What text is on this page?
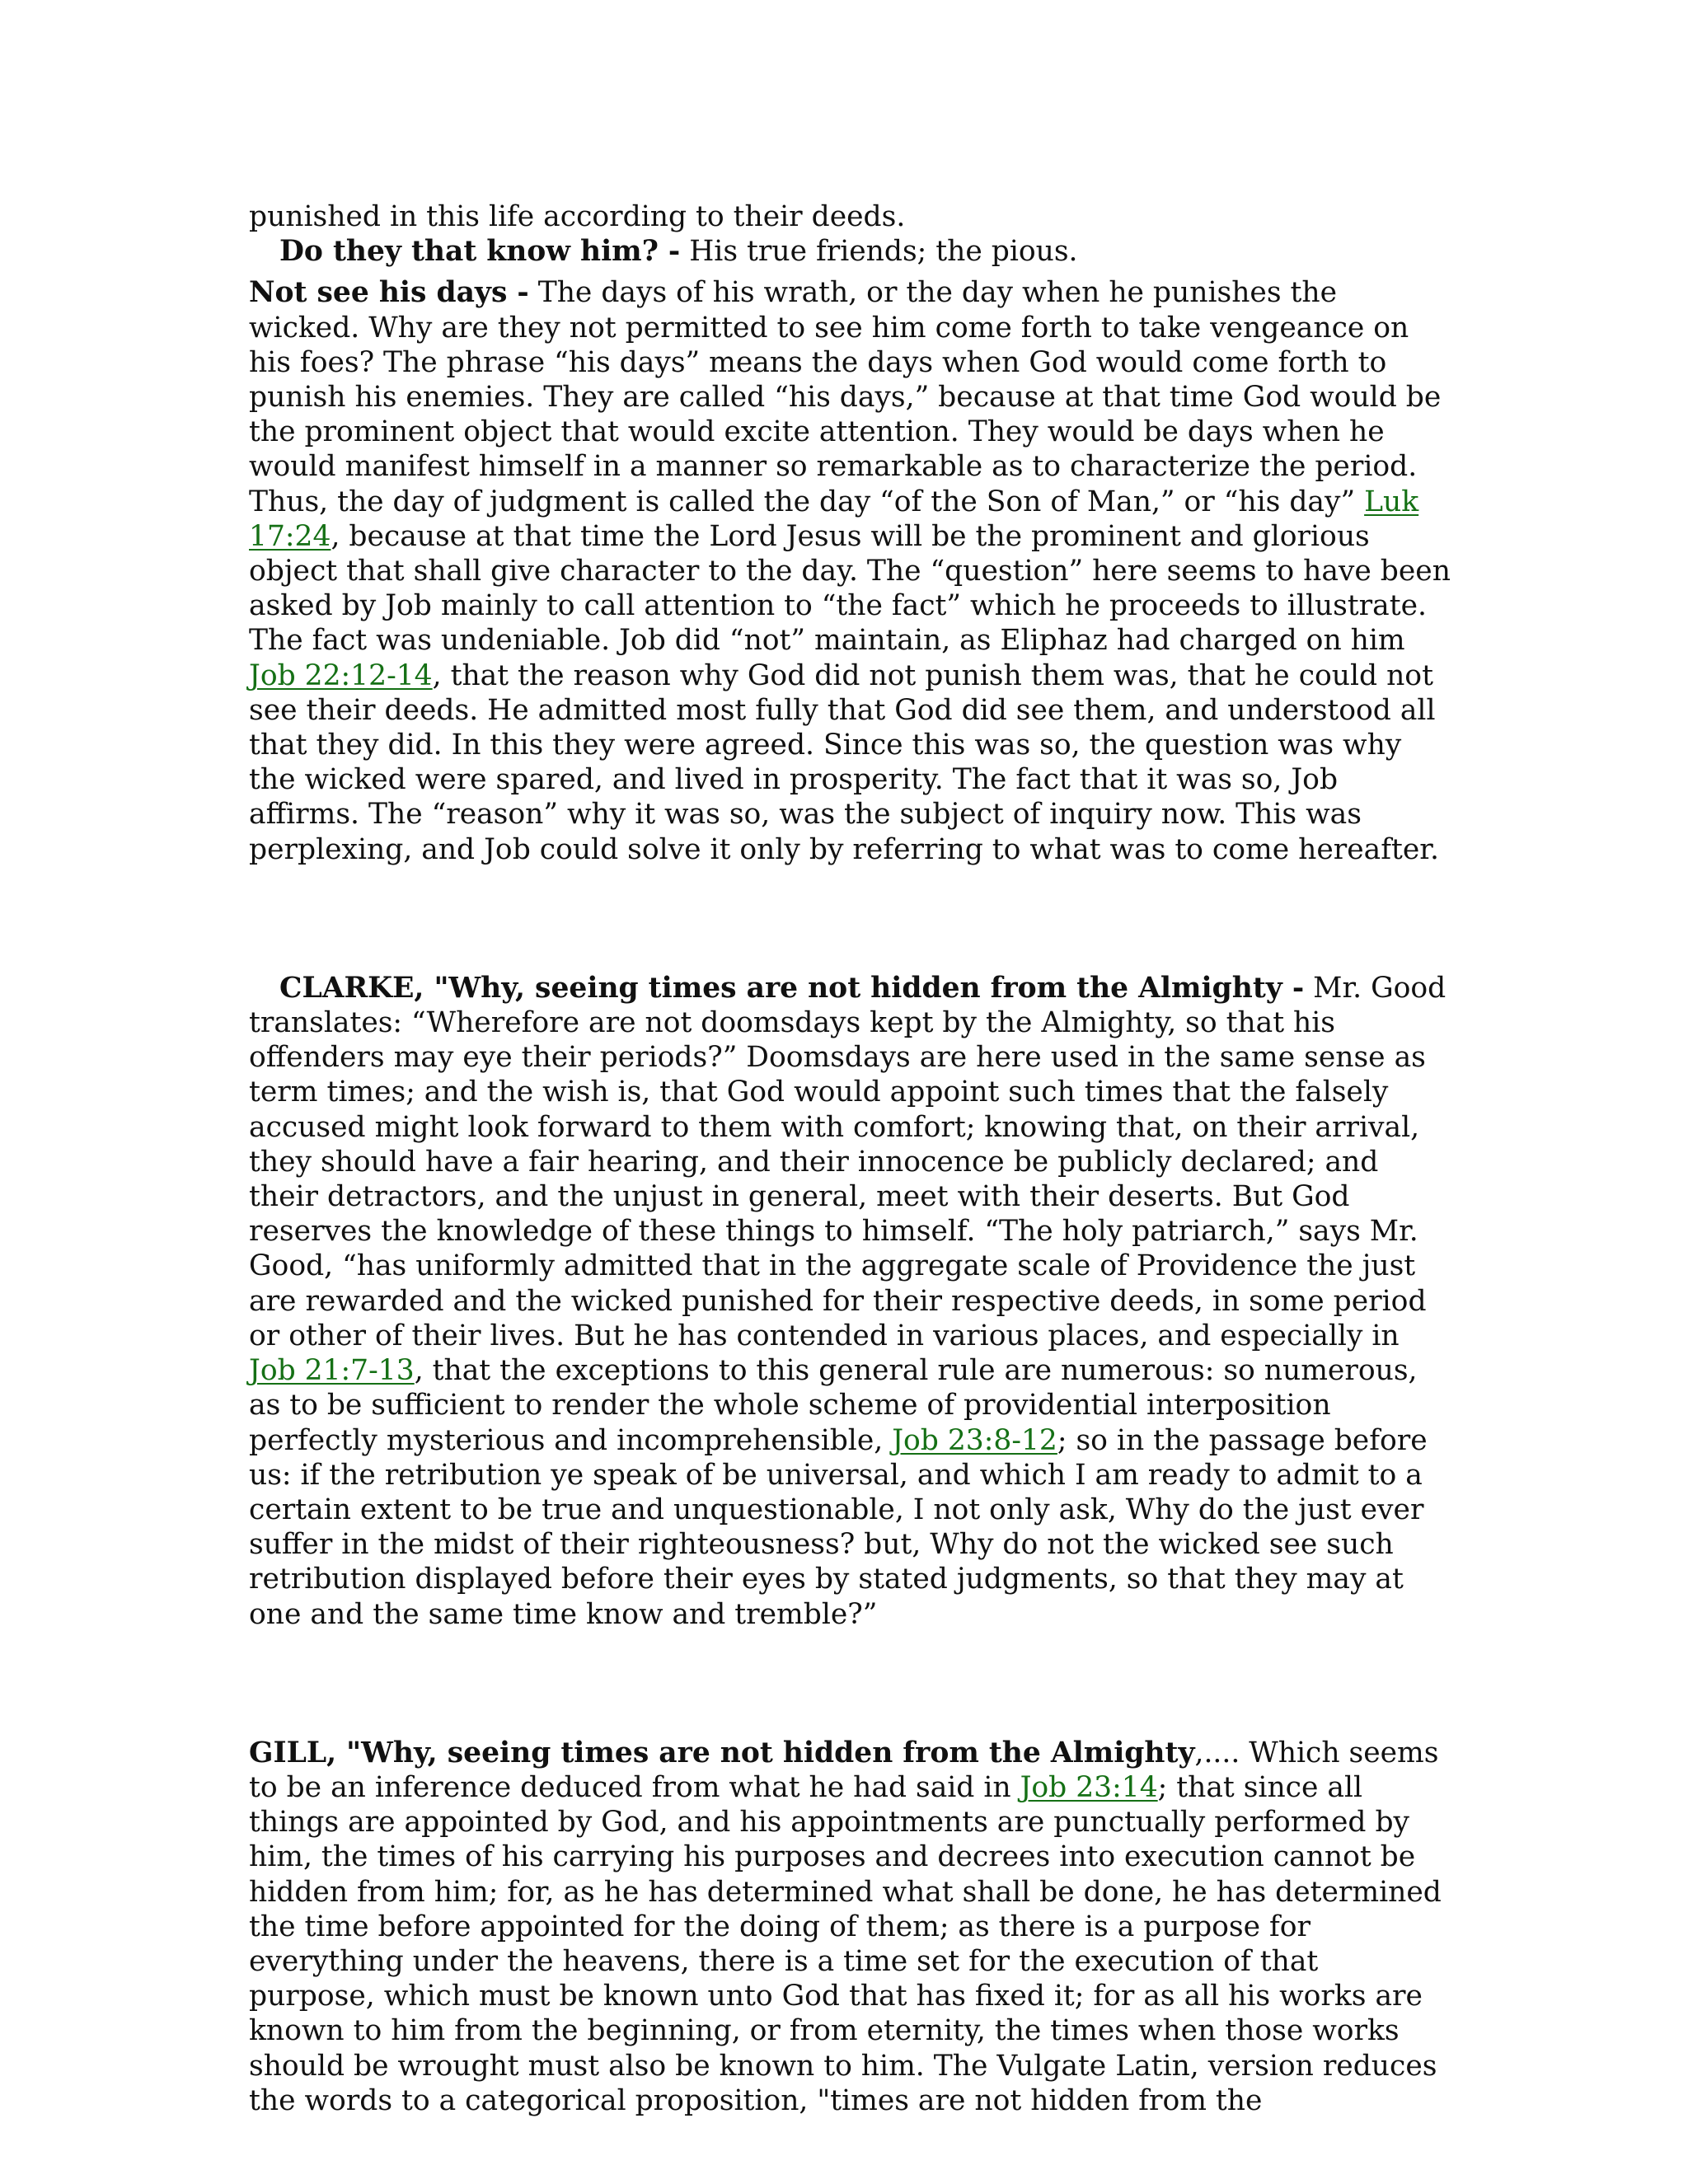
punished in this life according to their deeds.

Do they that know him? - His true friends; the pious.

Not see his days - The days of his wrath, or the day when he punishes the wicked. Why are they not permitted to see him come forth to take vengeance on his foes? The phrase “his days” means the days when God would come forth to punish his enemies. They are called “his days,” because at that time God would be the prominent object that would excite attention. They would be days when he would manifest himself in a manner so remarkable as to characterize the period. Thus, the day of judgment is called the day “of the Son of Man,” or “his day” Luk 17:24, because at that time the Lord Jesus will be the prominent and glorious object that shall give character to the day. The “question” here seems to have been asked by Job mainly to call attention to “the fact” which he proceeds to illustrate. The fact was undeniable. Job did “not” maintain, as Eliphaz had charged on him Job 22:12-14, that the reason why God did not punish them was, that he could not see their deeds. He admitted most fully that God did see them, and understood all that they did. In this they were agreed. Since this was so, the question was why the wicked were spared, and lived in prosperity. The fact that it was so, Job affirms. The “reason” why it was so, was the subject of inquiry now. This was perplexing, and Job could solve it only by referring to what was to come hereafter.

CLARKE, "Why, seeing times are not hidden from the Almighty - Mr. Good translates: “Wherefore are not doomsdays kept by the Almighty, so that his offenders may eye their periods?” Doomsdays are here used in the same sense as term times; and the wish is, that God would appoint such times that the falsely accused might look forward to them with comfort; knowing that, on their arrival, they should have a fair hearing, and their innocence be publicly declared; and their detractors, and the unjust in general, meet with their deserts. But God reserves the knowledge of these things to himself. “The holy patriarch,” says Mr. Good, “has uniformly admitted that in the aggregate scale of Providence the just are rewarded and the wicked punished for their respective deeds, in some period or other of their lives. But he has contended in various places, and especially in Job 21:7-13, that the exceptions to this general rule are numerous: so numerous, as to be sufficient to render the whole scheme of providential interposition perfectly mysterious and incomprehensible, Job 23:8-12; so in the passage before us: if the retribution ye speak of be universal, and which I am ready to admit to a certain extent to be true and unquestionable, I not only ask, Why do the just ever suffer in the midst of their righteousness? but, Why do not the wicked see such retribution displayed before their eyes by stated judgments, so that they may at one and the same time know and tremble?”

GILL, "Why, seeing times are not hidden from the Almighty,.... Which seems to be an inference deduced from what he had said in Job 23:14; that since all things are appointed by God, and his appointments are punctually performed by him, the times of his carrying his purposes and decrees into execution cannot be hidden from him; for, as he has determined what shall be done, he has determined the time before appointed for the doing of them; as there is a purpose for everything under the heavens, there is a time set for the execution of that purpose, which must be known unto God that has fixed it; for as all his works are known to him from the beginning, or from eternity, the times when those works should be wrought must also be known to him. The Vulgate Latin, version reduces the words to a categorical proposition, "times are not hidden from the
